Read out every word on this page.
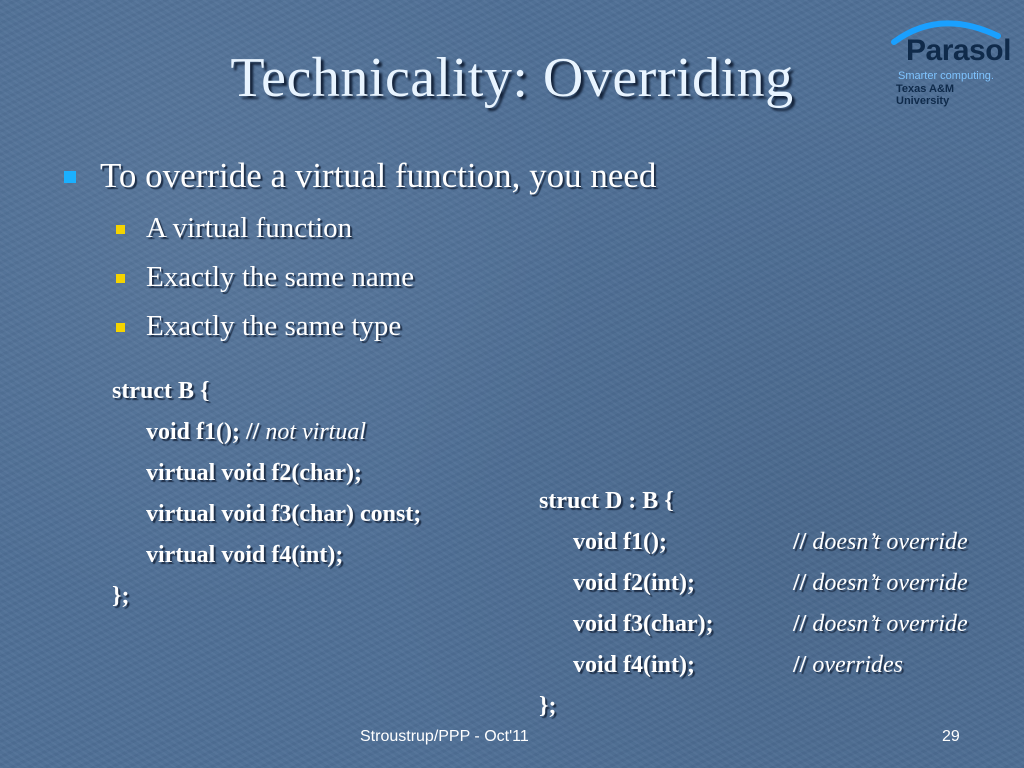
Technicality: Overriding	Parasol
Smarter computing.
Texas A&M University
To override a virtual function, you need
A virtual function
Exactly the same name
Exactly the same type
struct B {
void f1(); // not virtual
virtual void f2(char);
virtual void f3(char) const;
virtual void f4(int);
};
struct D : B {
void f1();	// doesn’t override
void f2(int);	// doesn’t override
void f3(char);	// doesn’t override
void f4(int);	// overrides
};
Stroustrup/PPP - Oct'11	29
